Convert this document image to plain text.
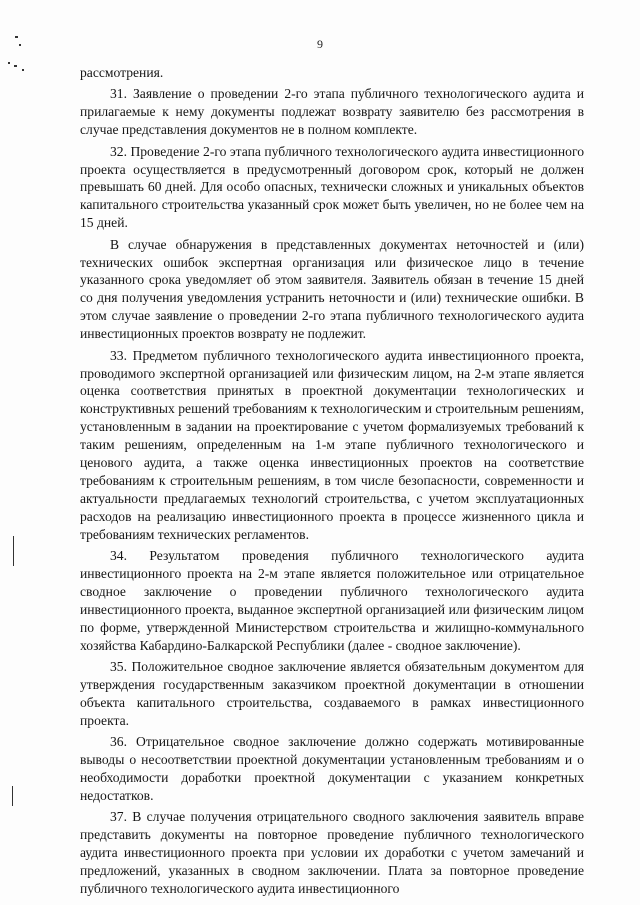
9

рассмотрения.

31. Заявление о проведении 2-го этапа публичного технологического аудита и прилагаемые к нему документы подлежат возврату заявителю без рассмотрения в случае представления документов не в полном комплекте.

32. Проведение 2-го этапа публичного технологического аудита инвестиционного проекта осуществляется в предусмотренный договором срок, который не должен превышать 60 дней. Для особо опасных, технически сложных и уникальных объектов капитального строительства указанный срок может быть увеличен, но не более чем на 15 дней.

В случае обнаружения в представленных документах неточностей и (или) технических ошибок экспертная организация или физическое лицо в течение указанного срока уведомляет об этом заявителя. Заявитель обязан в течение 15 дней со дня получения уведомления устранить неточности и (или) технические ошибки. В этом случае заявление о проведении 2-го этапа публичного технологического аудита инвестиционных проектов возврату не подлежит.

33. Предметом публичного технологического аудита инвестиционного проекта, проводимого экспертной организацией или физическим лицом, на 2-м этапе является оценка соответствия принятых в проектной документации технологических и конструктивных решений требованиям к технологическим и строительным решениям, установленным в задании на проектирование с учетом формализуемых требований к таким решениям, определенным на 1-м этапе публичного технологического и ценового аудита, а также оценка инвестиционных проектов на соответствие требованиям к строительным решениям, в том числе безопасности, современности и актуальности предлагаемых технологий строительства, с учетом эксплуатационных расходов на реализацию инвестиционного проекта в процессе жизненного цикла и требованиям технических регламентов.

34. Результатом проведения публичного технологического аудита инвестиционного проекта на 2-м этапе является положительное или отрицательное сводное заключение о проведении публичного технологического аудита инвестиционного проекта, выданное экспертной организацией или физическим лицом по форме, утвержденной Министерством строительства и жилищно-коммунального хозяйства Кабардино-Балкарской Республики (далее - сводное заключение).

35. Положительное сводное заключение является обязательным документом для утверждения государственным заказчиком проектной документации в отношении объекта капитального строительства, создаваемого в рамках инвестиционного проекта.

36. Отрицательное сводное заключение должно содержать мотивированные выводы о несоответствии проектной документации установленным требованиям и о необходимости доработки проектной документации с указанием конкретных недостатков.

37. В случае получения отрицательного сводного заключения заявитель вправе представить документы на повторное проведение публичного технологического аудита инвестиционного проекта при условии их доработки с учетом замечаний и предложений, указанных в сводном заключении. Плата за повторное проведение публичного технологического аудита инвестиционного
